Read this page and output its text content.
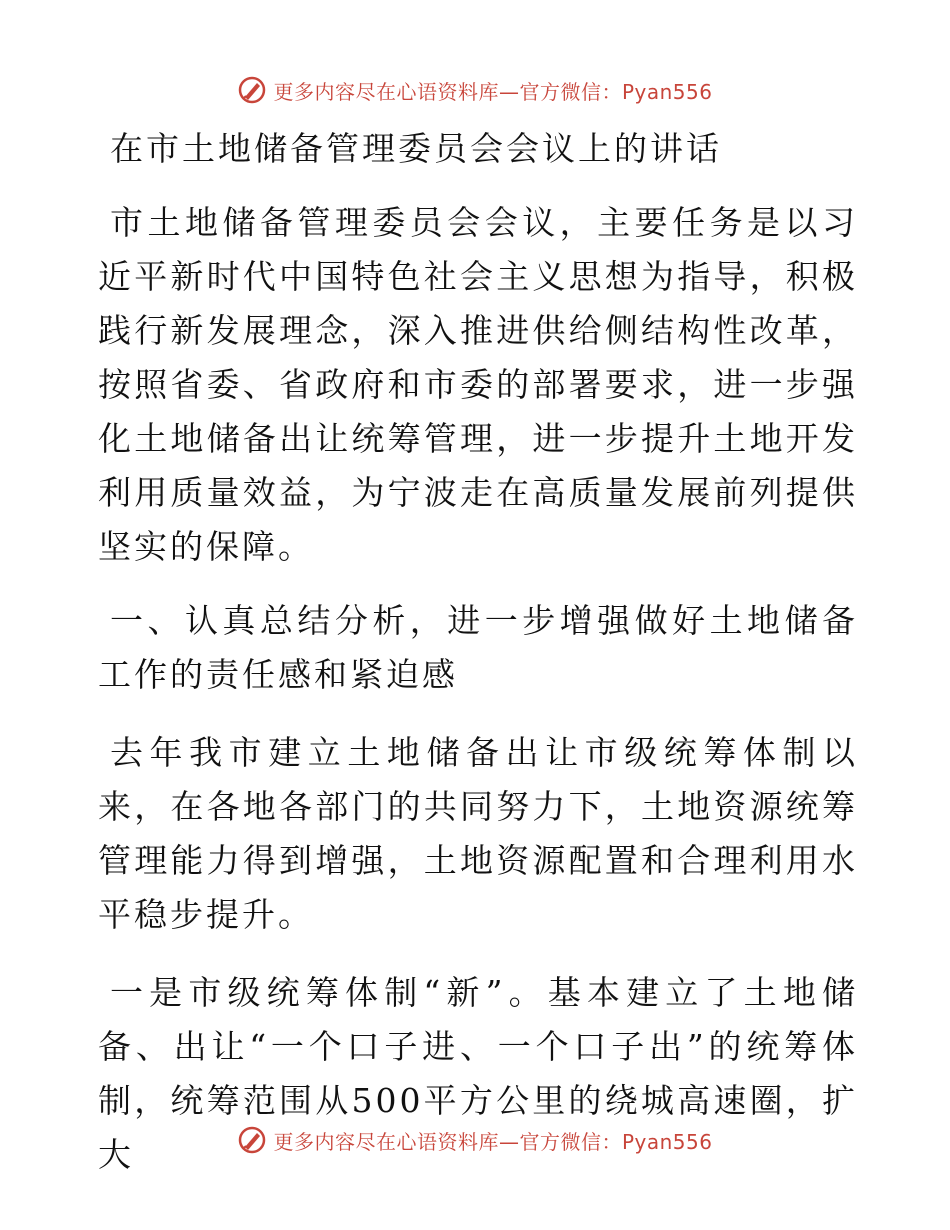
更多内容尽在心语资料库—官方微信：Pyan556

在市土地储备管理委员会会议上的讲话

市土地储备管理委员会会议，主要任务是以习近平新时代中国特色社会主义思想为指导，积极践行新发展理念，深入推进供给侧结构性改革，按照省委、省政府和市委的部署要求，进一步强化土地储备出让统筹管理，进一步提升土地开发利用质量效益，为宁波走在高质量发展前列提供坚实的保障。

一、认真总结分析，进一步增强做好土地储备工作的责任感和紧迫感

去年我市建立土地储备出让市级统筹体制以来，在各地各部门的共同努力下，土地资源统筹管理能力得到增强，土地资源配置和合理利用水平稳步提升。

一是市级统筹体制“新”。基本建立了土地储备、出让“一个口子进、一个口子出”的统筹体制，统筹范围从500平方公里的绕城高速圈，扩大	更多内容尽在心语资料库—官方微信：Pyan556
